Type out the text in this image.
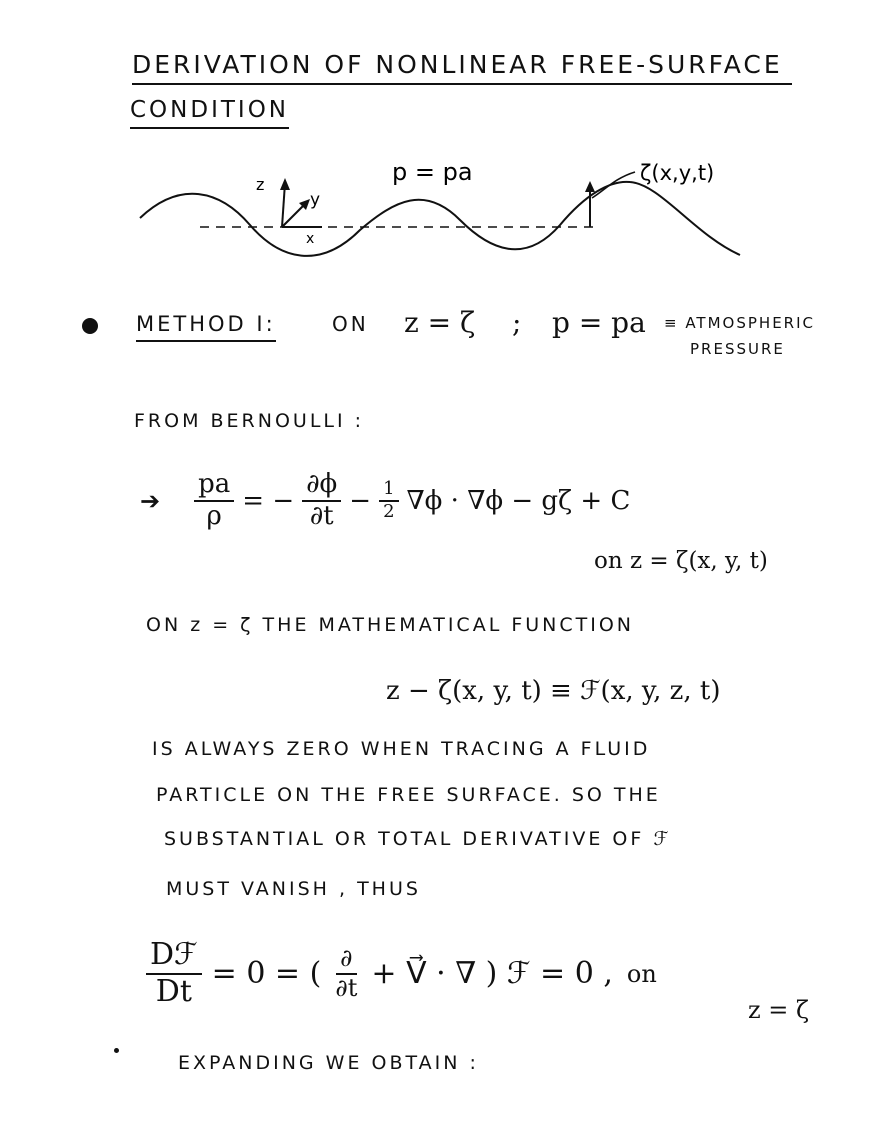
DERIVATION OF NONLINEAR FREE-SURFACE
CONDITION
z
y
x
p = pa	ζ(x,y,t)
METHOD I:	ON z = ζ ; p = pa ≡ ATMOSPHERIC
PRESSURE
FROM BERNOULLI :
➔ $\frac{pa}{\rho}$ = − $\frac{\partial\phi}{\partial t} - \frac{1}{2} \nabla\phi \cdot \nabla\phi - g\zeta + C$
on z = ζ(x, y, t)
ON z = ζ THE MATHEMATICAL FUNCTION
z − ζ(x, y, t) ≡ ℱ(x, y, z, t)
IS ALWAYS ZERO WHEN TRACING A FLUID
PARTICLE ON THE FREE SURFACE. SO THE
SUBSTANTIAL OR TOTAL DERIVATIVE OF ℱ
MUST VANISH , THUS
$\frac{\text{Dℱ}}{Dt} = 0$ = ( $\frac{\partial}{\partial t}$ + V⃗ · ∇ ) ℱ = 0 , on
z = ζ
EXPANDING WE OBTAIN :
